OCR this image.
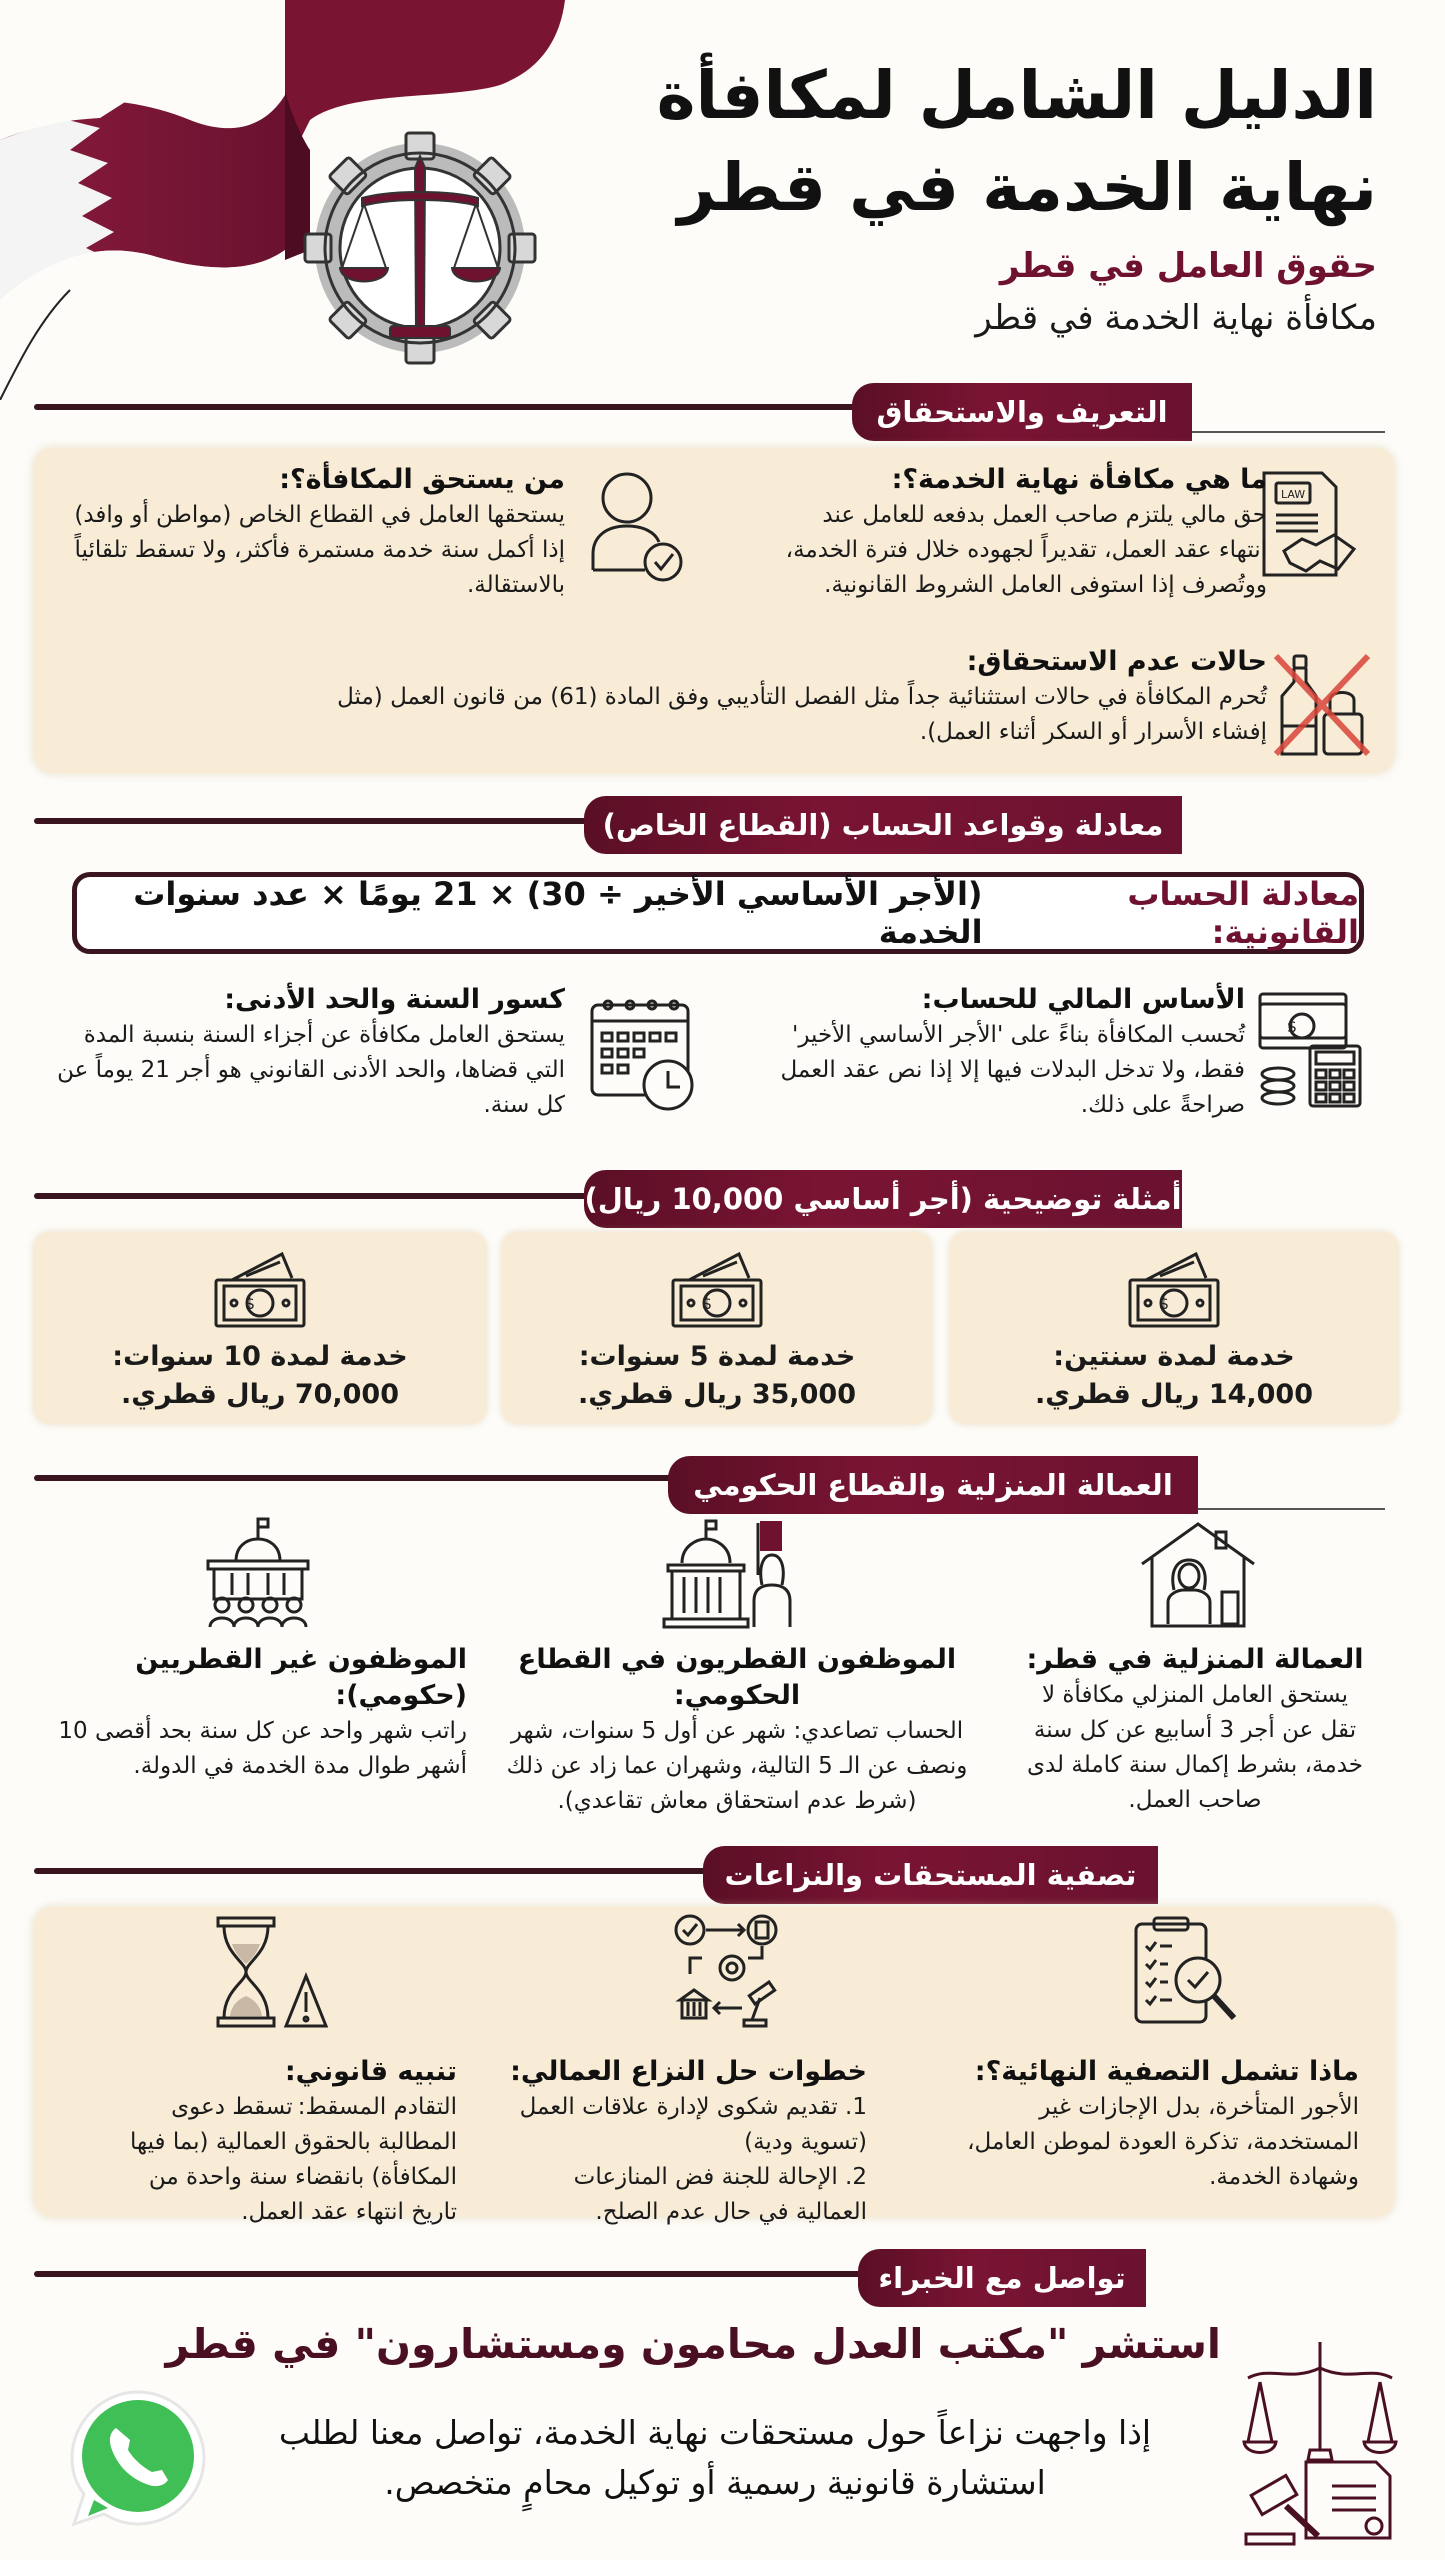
الدليل الشامل لمكافأة
نهاية الخدمة في قطر
حقوق العامل في قطر
مكافأة نهاية الخدمة في قطر
التعريف والاستحقاق
LAW
ما هي مكافأة نهاية الخدمة؟:
حق مالي يلتزم صاحب العمل بدفعه للعامل عند انتهاء عقد العمل، تقديراً لجهوده خلال فترة الخدمة، ووتُصرف إذا استوفى العامل الشروط القانونية.
من يستحق المكافأة؟:
يستحقها العامل في القطاع الخاص (مواطن أو وافد) إذا أكمل سنة خدمة مستمرة فأكثر، ولا تسقط تلقائياً بالاستقالة.
حالات عدم الاستحقاق:
تُحرم المكافأة في حالات استثنائية جداً مثل الفصل التأديبي وفق المادة (61) من قانون العمل (مثل إفشاء الأسرار أو السكر أثناء العمل).
معادلة وقواعد الحساب (القطاع الخاص)
معادلة الحساب القانونية:
(الأجر الأساسي الأخير ÷ 30) × 21 يومًا × عدد سنوات الخدمة
$
الأساس المالي للحساب:
تُحسب المكافأة بناءً على 'الأجر الأساسي الأخير' فقط، ولا تدخل البدلات فيها إلا إذا نص عقد العمل صراحةً على ذلك.
كسور السنة والحد الأدنى:
يستحق العامل مكافأة عن أجزاء السنة بنسبة المدة التي قضاها، والحد الأدنى القانوني هو أجر 21 يوماً عن كل سنة.
أمثلة توضيحية (أجر أساسي 10,000 ريال)
$
خدمة لمدة سنتين:
14,000 ريال قطري.
$
خدمة لمدة 5 سنوات:
35,000 ريال قطري.
$
خدمة لمدة 10 سنوات:
70,000 ريال قطري.
العمالة المنزلية والقطاع الحكومي
العمالة المنزلية في قطر:
يستحق العامل المنزلي مكافأة لا تقل عن أجر 3 أسابيع عن كل سنة خدمة، بشرط إكمال سنة كاملة لدى صاحب العمل.
الموظفون القطريون في القطاع الحكومي:
الحساب تصاعدي: شهر عن أول 5 سنوات، شهر ونصف عن الـ 5 التالية، وشهران عما زاد عن ذلك (شرط عدم استحقاق معاش تقاعدي).
الموظفون غير القطريين (حكومي):
راتب شهر واحد عن كل سنة بحد أقصى 10 أشهر طوال مدة الخدمة في الدولة.
تصفية المستحقات والنزاعات
ماذا تشمل التصفية النهائية؟:
الأجور المتأخرة، بدل الإجازات غير المستخدمة، تذكرة العودة لموطن العامل، وشهادة الخدمة.
خطوات حل النزاع العمالي:
1. تقديم شكوى لإدارة علاقات العمل (تسوية ودية)
2. الإحالة للجنة فض المنازعات العمالية في حال عدم الصلح.
تنبيه قانوني:
التقادم المسقط: تسقط دعوى المطالبة بالحقوق العمالية (بما فيها المكافأة) بانقضاء سنة واحدة من تاريخ انتهاء عقد العمل.
تواصل مع الخبراء
استشر "مكتب العدل محامون ومستشارون" في قطر
إذا واجهت نزاعاً حول مستحقات نهاية الخدمة، تواصل معنا لطلب استشارة قانونية رسمية أو توكيل محامٍ متخصص.
